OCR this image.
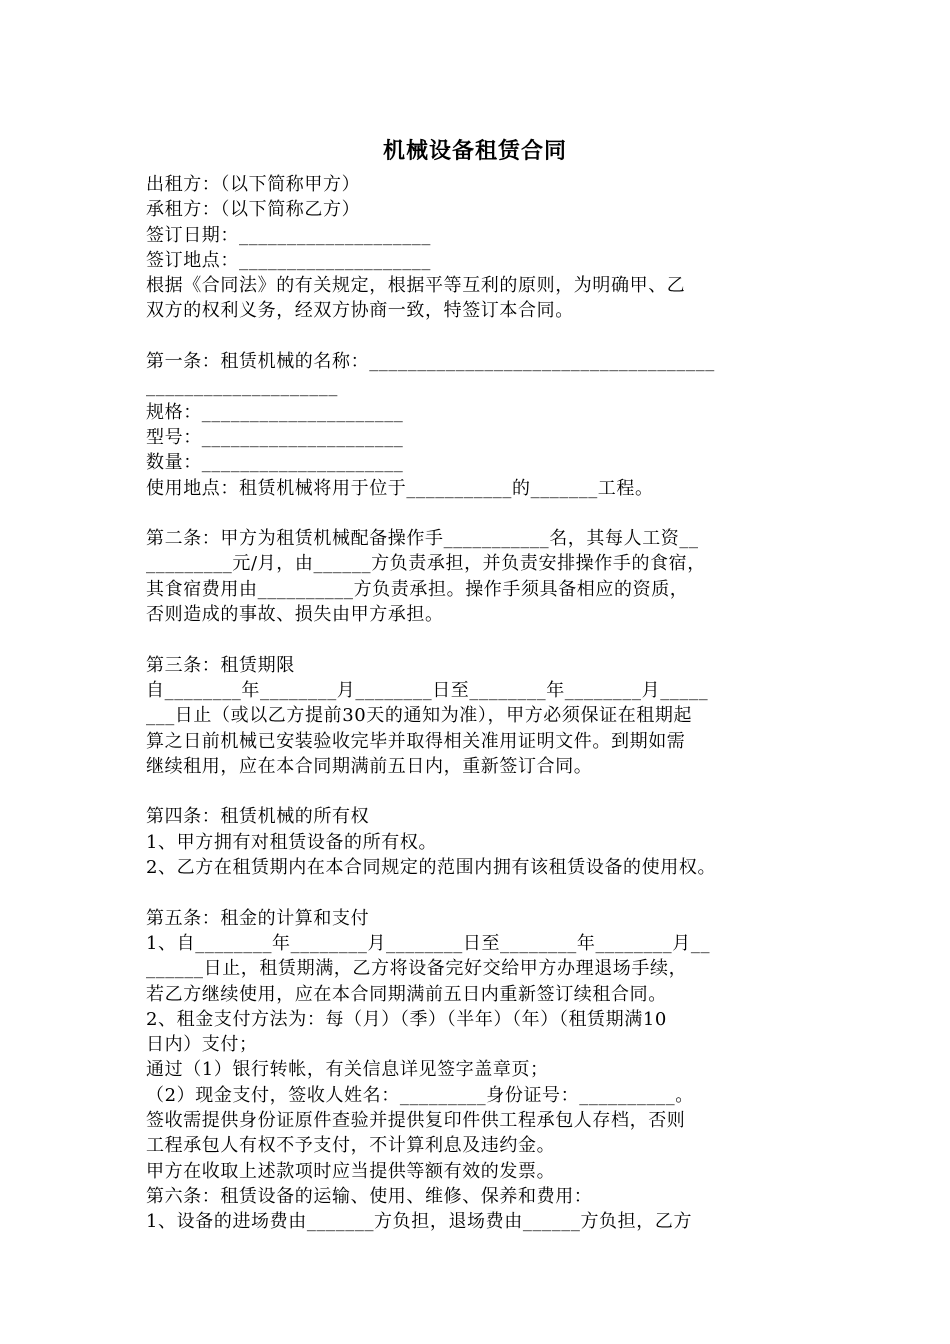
机械设备租赁合同
出租方：（以下简称甲方）
承租方：（以下简称乙方）
签订日期：____________________
签订地点：____________________
根据《合同法》的有关规定，根据平等互利的原则，为明确甲、乙
双方的权利义务，经双方协商一致，特签订本合同。
第一条：租赁机械的名称：____________________________________
____________________
规格：_____________________
型号：_____________________
数量：_____________________
使用地点：租赁机械将用于位于___________的_______工程。
第二条：甲方为租赁机械配备操作手___________名，其每人工资__
_________元/月，由______方负责承担，并负责安排操作手的食宿，
其食宿费用由__________方负责承担。操作手须具备相应的资质，
否则造成的事故、损失由甲方承担。
第三条：租赁期限
自________年________月________日至________年________月_____
___日止（或以乙方提前30天的通知为准），甲方必须保证在租期起
算之日前机械已安装验收完毕并取得相关准用证明文件。到期如需
继续租用，应在本合同期满前五日内，重新签订合同。
第四条：租赁机械的所有权
1、甲方拥有对租赁设备的所有权。
2、乙方在租赁期内在本合同规定的范围内拥有该租赁设备的使用权。
第五条：租金的计算和支付
1、自________年________月________日至________年________月__
______日止，租赁期满，乙方将设备完好交给甲方办理退场手续，
若乙方继续使用，应在本合同期满前五日内重新签订续租合同。
2、租金支付方法为：每（月）（季）（半年）（年）（租赁期满10
日内）支付；
通过（1）银行转帐，有关信息详见签字盖章页；
（2）现金支付，签收人姓名：_________身份证号：__________。
签收需提供身份证原件查验并提供复印件供工程承包人存档，否则
工程承包人有权不予支付，不计算利息及违约金。
甲方在收取上述款项时应当提供等额有效的发票。
第六条：租赁设备的运输、使用、维修、保养和费用：
1、设备的进场费由_______方负担，退场费由______方负担，乙方
